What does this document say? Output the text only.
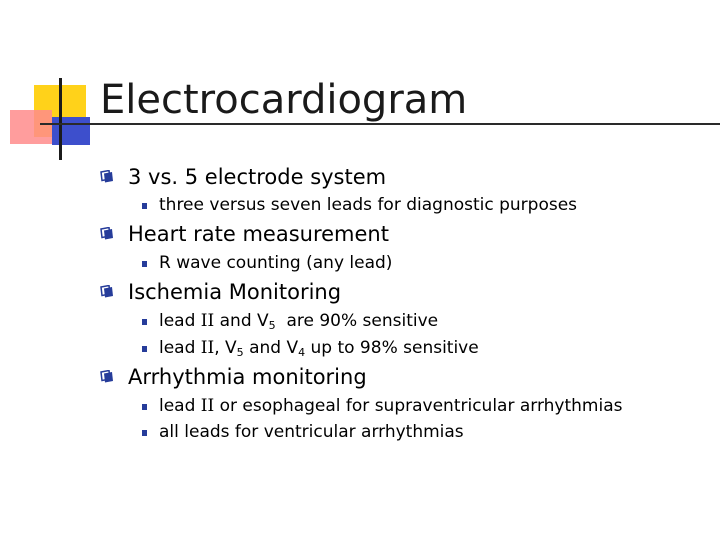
Electrocardiogram
3 vs. 5 electrode system
three versus seven leads for diagnostic purposes
Heart rate measurement
R wave counting (any lead)
Ischemia Monitoring
lead II and $V_5$  are 90% sensitive
lead II, $V_5$ and $V_4$ up to 98% sensitive
Arrhythmia monitoring
lead II or esophageal for supraventricular arrhythmias
all leads for ventricular arrhythmias
